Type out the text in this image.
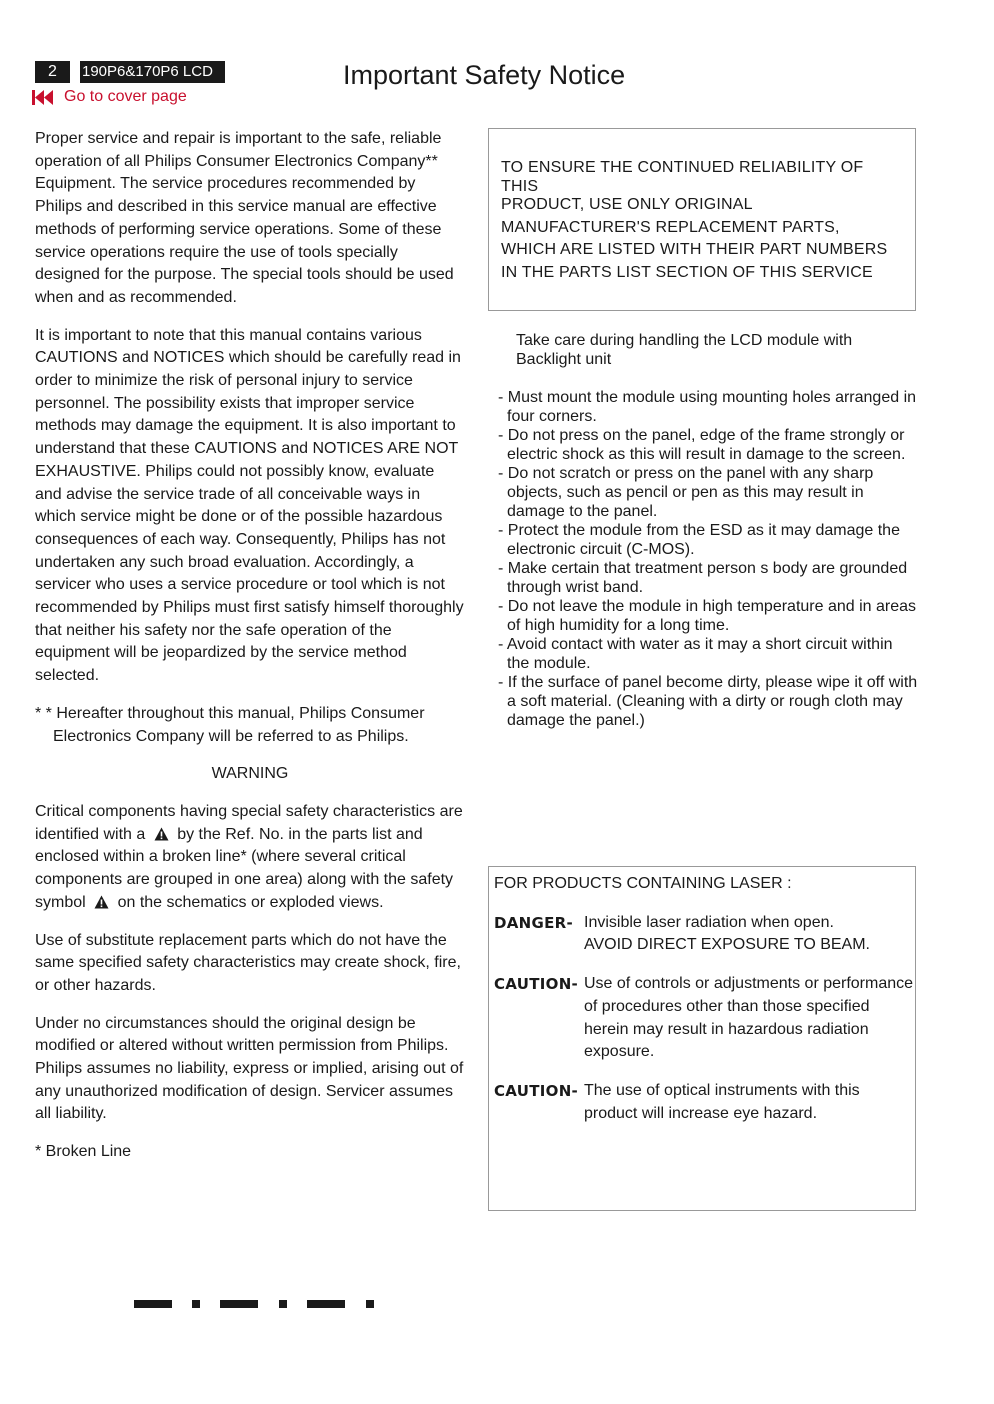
2	190P6&170P6 LCD	Important Safety Notice
Go to cover page

Proper service and repair is important to the safe, reliable operation of all Philips Consumer Electronics Company** Equipment. The service procedures recommended by Philips and described in this service manual are effective methods of performing service operations. Some of these service operations require the use of tools specially designed for the purpose. The special tools should be used when and as recommended.

It is important to note that this manual contains various CAUTIONS and NOTICES which should be carefully read in order to minimize the risk of personal injury to service personnel. The possibility exists that improper service methods may damage the equipment. It is also important to understand that these CAUTIONS and NOTICES ARE NOT EXHAUSTIVE. Philips could not possibly know, evaluate and advise the service trade of all conceivable ways in which service might be done or of the possible hazardous consequences of each way. Consequently, Philips has not undertaken any such broad evaluation. Accordingly, a servicer who uses a service procedure or tool which is not recommended by Philips must first satisfy himself thoroughly that neither his safety nor the safe operation of the equipment will be jeopardized by the service method selected.

* * Hereafter throughout this manual, Philips Consumer
Electronics Company will be referred to as Philips.

WARNING

Critical components having special safety characteristics are identified with a by the Ref. No. in the parts list and enclosed within a broken line* (where several critical components are grouped in one area) along with the safety symbol on the schematics or exploded views.

Use of substitute replacement parts which do not have the same specified safety characteristics may create shock, fire, or other hazards.

Under no circumstances should the original design be modified or altered without written permission from Philips. Philips assumes no liability, express or implied, arising out of any unauthorized modification of design. Servicer assumes all liability.

* Broken Line

TO ENSURE THE CONTINUED RELIABILITY OF
THIS
PRODUCT, USE ONLY ORIGINAL
MANUFACTURER'S REPLACEMENT PARTS,
WHICH ARE LISTED WITH THEIR PART NUMBERS
IN THE PARTS LIST SECTION OF THIS SERVICE
Take care during handling the LCD module with Backlight unit
- Must mount the module using mounting holes arranged in four corners.
- Do not press on the panel, edge of the frame strongly or electric shock as this will result in damage to the screen.
- Do not scratch or press on the panel with any sharp objects, such as pencil or pen as this may result in damage to the panel.
- Protect the module from the ESD as it may damage the electronic circuit (C-MOS).
- Make certain that treatment person s body are grounded through wrist band.
- Do not leave the module in high temperature and in areas of high humidity for a long time.
- Avoid contact with water as it may a short circuit within the module.
- If the surface of panel become dirty, please wipe it off with a soft material. (Cleaning with a dirty or rough cloth may damage the panel.)
FOR PRODUCTS CONTAINING LASER :
DANGER- Invisible laser radiation when open.
AVOID DIRECT EXPOSURE TO BEAM.
CAUTION- Use of controls or adjustments or performance of procedures other than those specified herein may result in hazardous radiation exposure.
CAUTION- The use of optical instruments with this product will increase eye hazard.
